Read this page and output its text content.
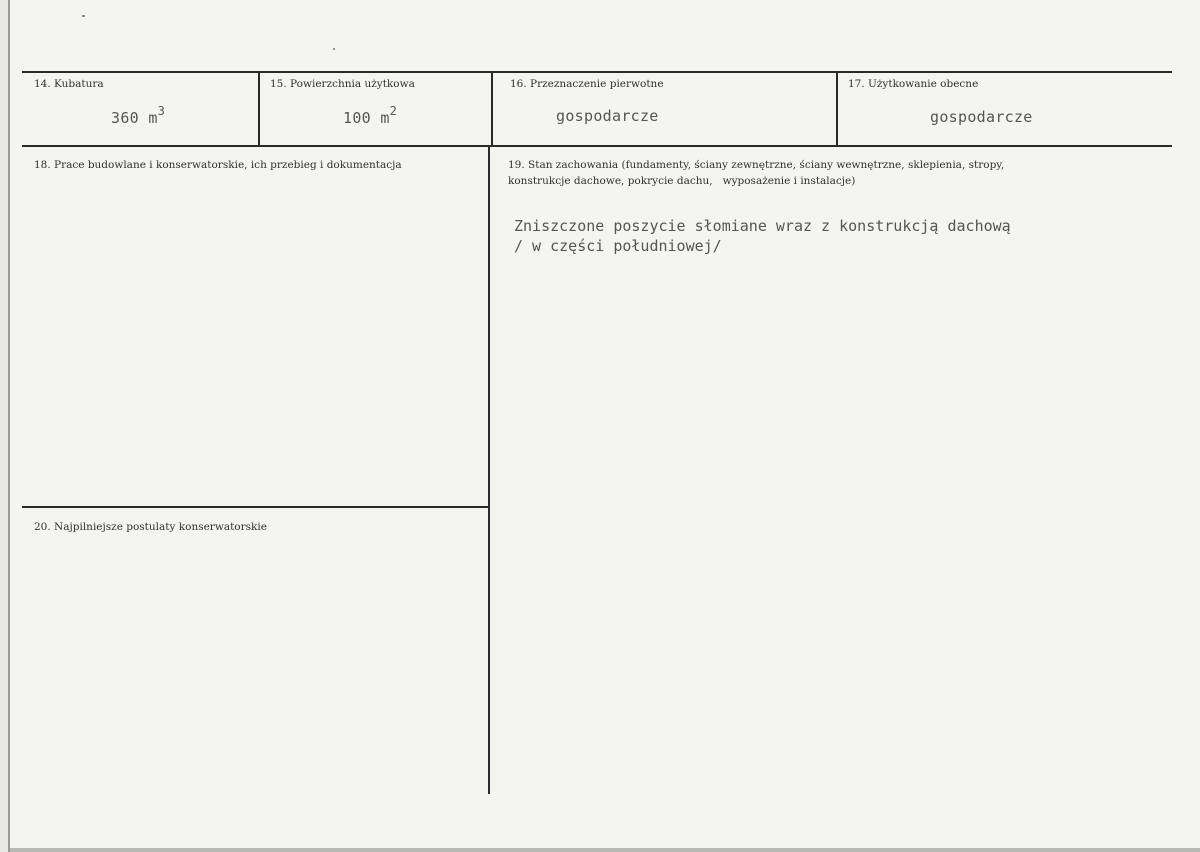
14. Kubatura
360 $m^3$
15. Powierzchnia użytkowa
100 $m^2$
16. Przeznaczenie pierwotne
gospodarcze
17. Użytkowanie obecne
gospodarcze
18. Prace budowlane i konserwatorskie, ich przebieg i dokumentacja	19. Stan zachowania (fundamenty, ściany zewnętrzne, ściany wewnętrzne, sklepienia, stropy,
konstrukcje dachowe, pokrycie dachu,   wyposażenie i instalacje)
Zniszczone poszycie słomiane wraz z konstrukcją dachową
/ w części południowej/
20. Najpilniejsze postulaty konserwatorskie
